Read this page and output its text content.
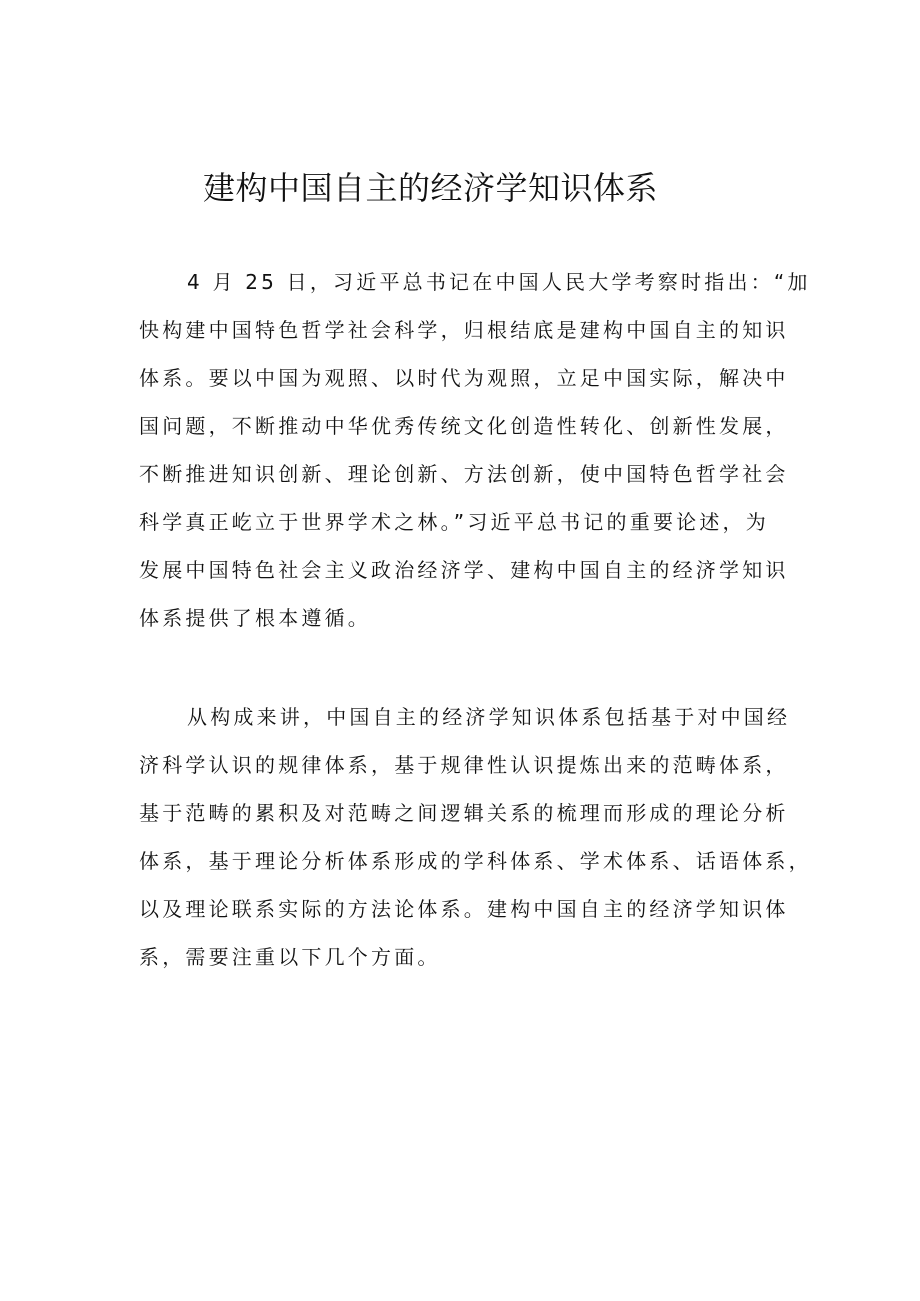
建构中国自主的经济学知识体系

4 月 25 日，习近平总书记在中国人民大学考察时指出：“加

快构建中国特色哲学社会科学，归根结底是建构中国自主的知识

体系。要以中国为观照、以时代为观照，立足中国实际，解决中

国问题，不断推动中华优秀传统文化创造性转化、创新性发展，

不断推进知识创新、理论创新、方法创新，使中国特色哲学社会

科学真正屹立于世界学术之林。”习近平总书记的重要论述，为

发展中国特色社会主义政治经济学、建构中国自主的经济学知识

体系提供了根本遵循。

从构成来讲，中国自主的经济学知识体系包括基于对中国经

济科学认识的规律体系，基于规律性认识提炼出来的范畴体系，

基于范畴的累积及对范畴之间逻辑关系的梳理而形成的理论分析

体系，基于理论分析体系形成的学科体系、学术体系、话语体系，

以及理论联系实际的方法论体系。建构中国自主的经济学知识体

系，需要注重以下几个方面。
